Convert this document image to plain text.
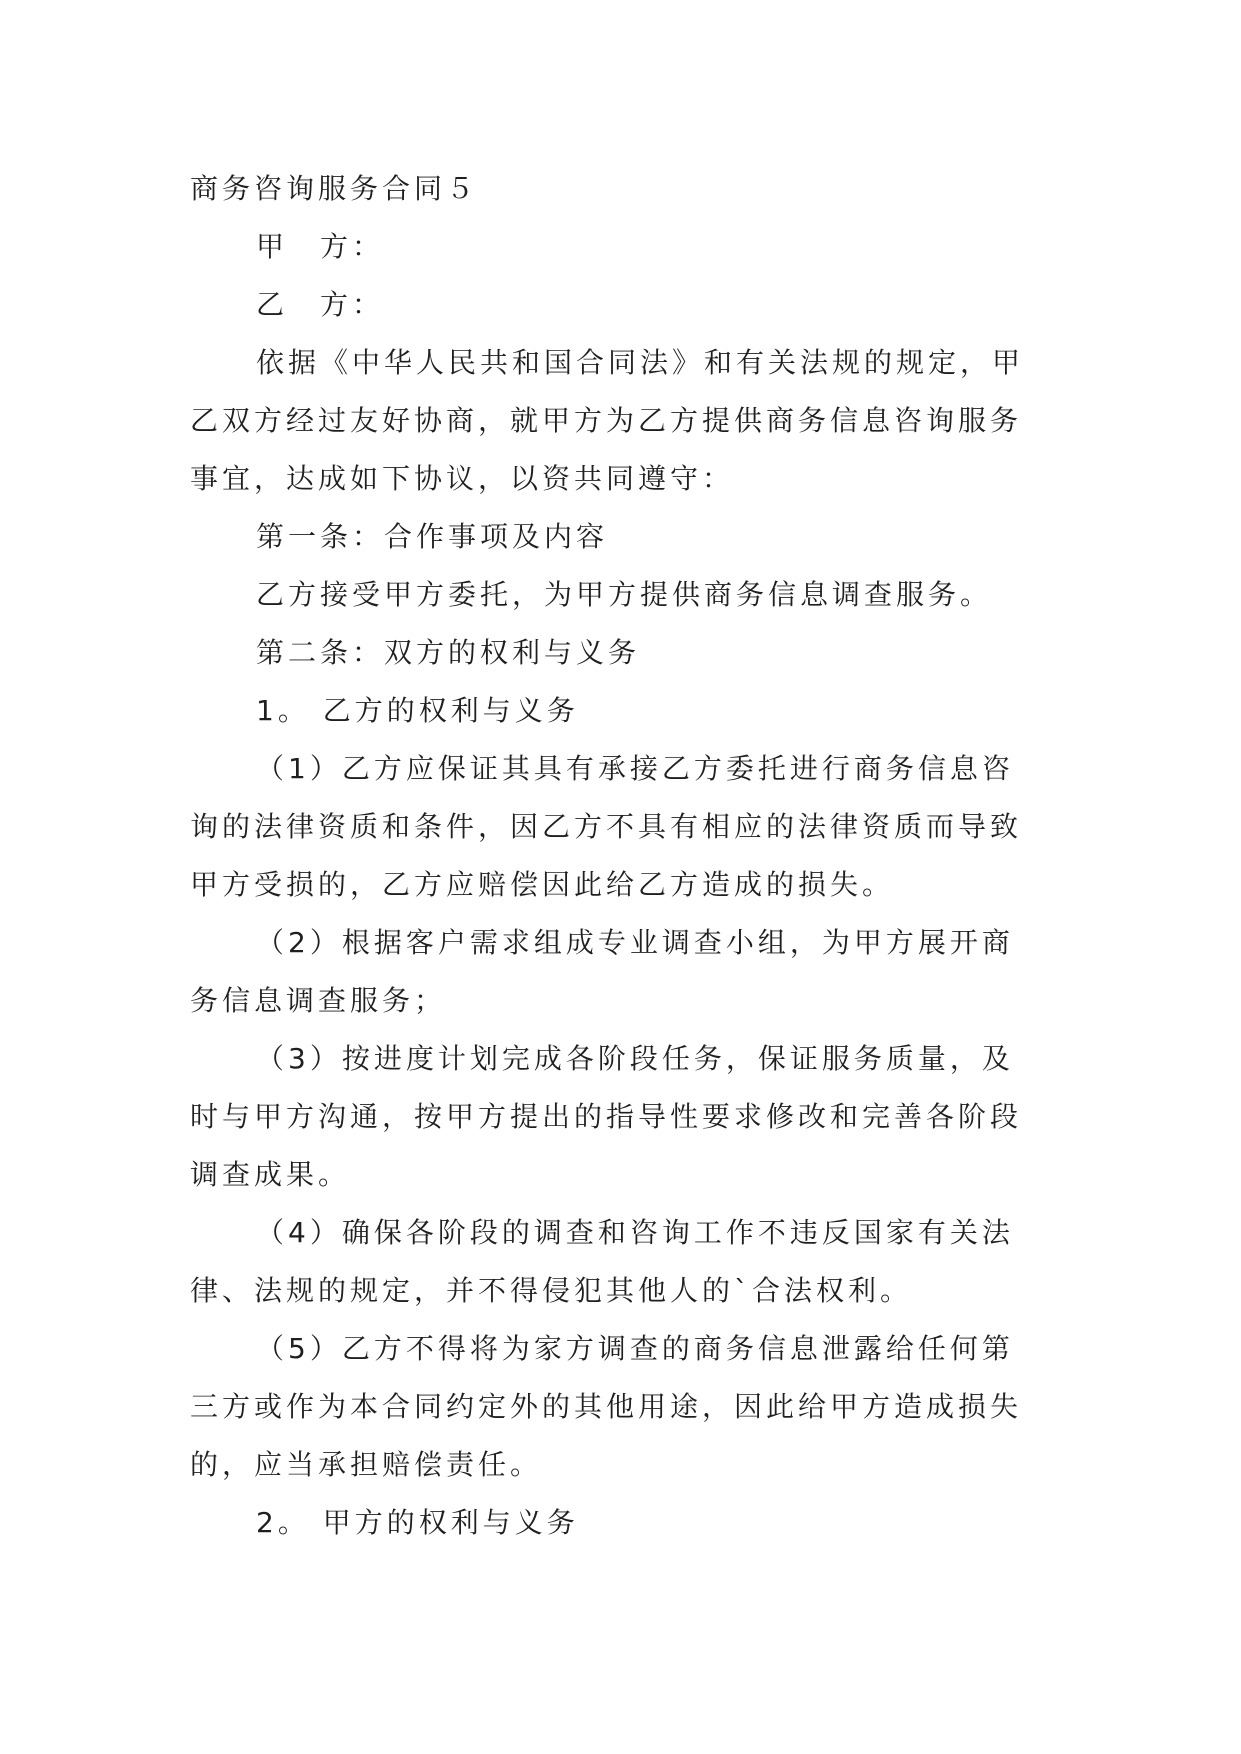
商务咨询服务合同５
甲　方：
乙　方：
依据《中华人民共和国合同法》和有关法规的规定，甲
乙双方经过友好协商，就甲方为乙方提供商务信息咨询服务
事宜，达成如下协议，以资共同遵守：
第一条：合作事项及内容
乙方接受甲方委托，为甲方提供商务信息调查服务。
第二条：双方的权利与义务
1。 乙方的权利与义务
（1）乙方应保证其具有承接乙方委托进行商务信息咨
询的法律资质和条件，因乙方不具有相应的法律资质而导致
甲方受损的，乙方应赔偿因此给乙方造成的损失。
（2）根据客户需求组成专业调查小组，为甲方展开商
务信息调查服务；
（3）按进度计划完成各阶段任务，保证服务质量，及
时与甲方沟通，按甲方提出的指导性要求修改和完善各阶段
调查成果。
（4）确保各阶段的调查和咨询工作不违反国家有关法
律、法规的规定，并不得侵犯其他人的`合法权利。
（5）乙方不得将为家方调查的商务信息泄露给任何第
三方或作为本合同约定外的其他用途，因此给甲方造成损失
的，应当承担赔偿责任。
2。 甲方的权利与义务
